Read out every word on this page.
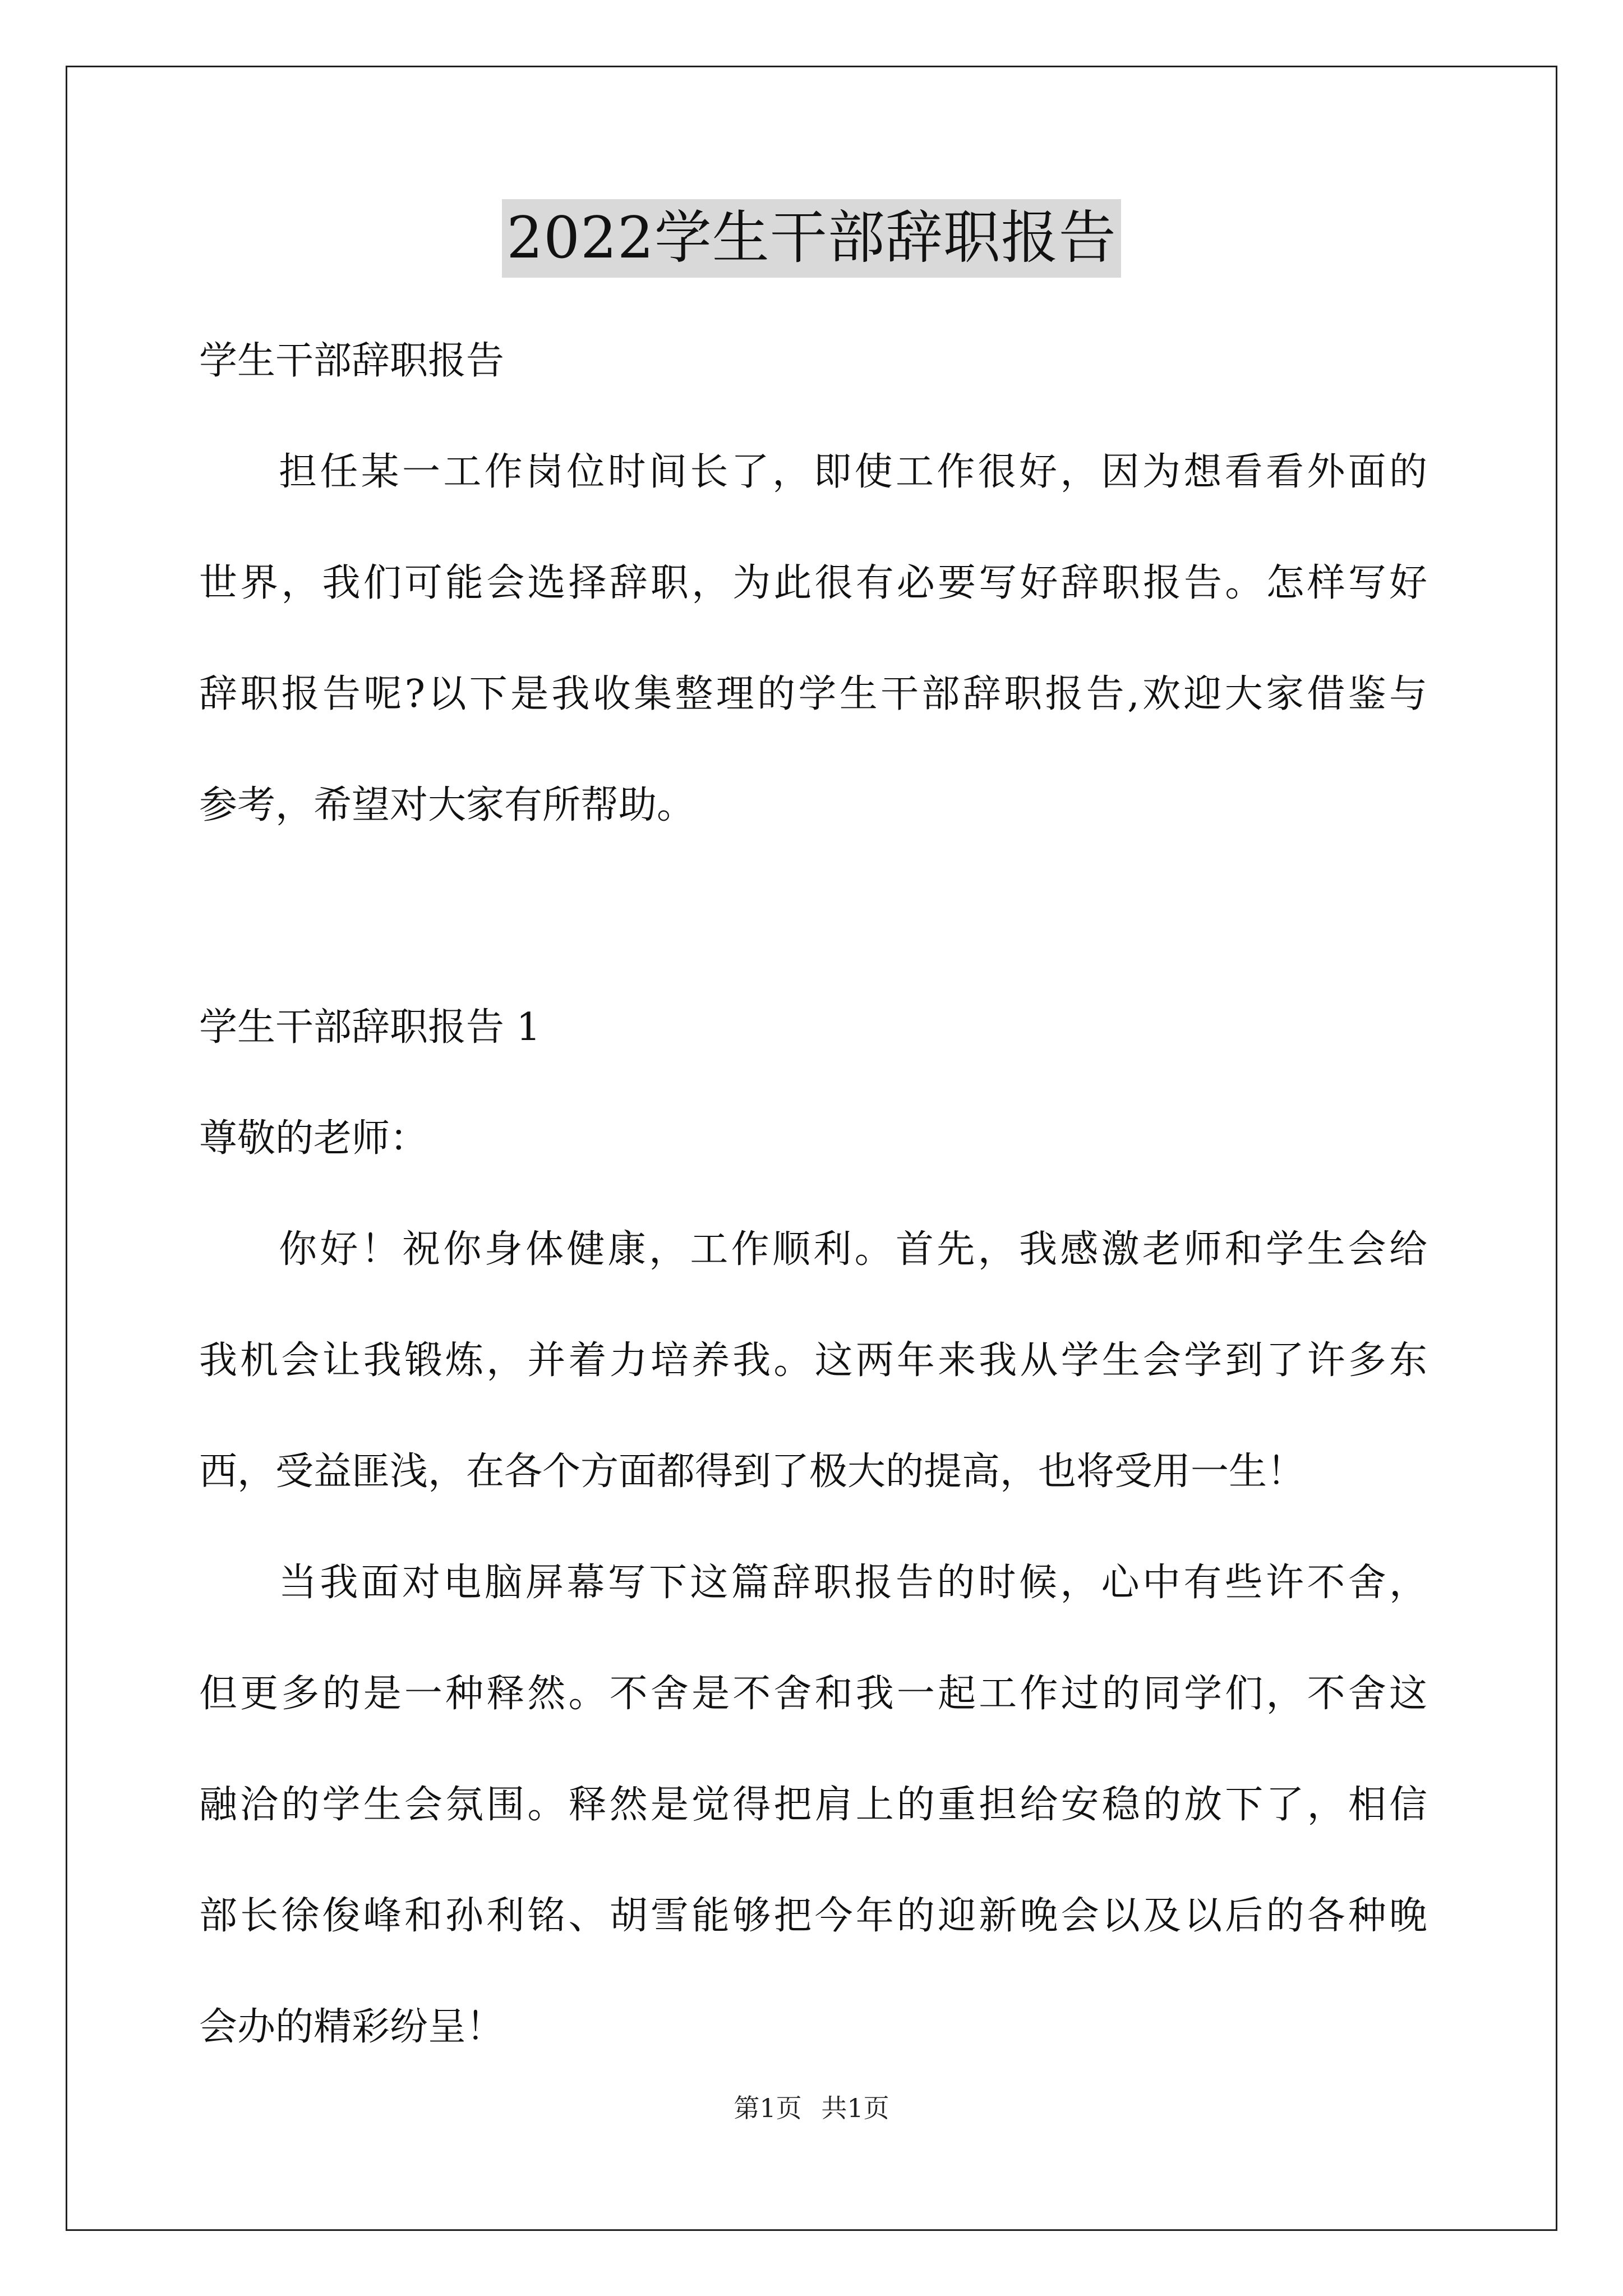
2022学生干部辞职报告
学生干部辞职报告
担任某一工作岗位时间长了，即使工作很好，因为想看看外面的
世界，我们可能会选择辞职，为此很有必要写好辞职报告。怎样写好
辞职报告呢?以下是我收集整理的学生干部辞职报告,欢迎大家借鉴与
参考，希望对大家有所帮助。
学生干部辞职报告 1
尊敬的老师：
你好！祝你身体健康，工作顺利。首先，我感激老师和学生会给
我机会让我锻炼，并着力培养我。这两年来我从学生会学到了许多东
西，受益匪浅，在各个方面都得到了极大的提高，也将受用一生！
当我面对电脑屏幕写下这篇辞职报告的时候，心中有些许不舍，
但更多的是一种释然。不舍是不舍和我一起工作过的同学们，不舍这
融洽的学生会氛围。释然是觉得把肩上的重担给安稳的放下了，相信
部长徐俊峰和孙利铭、胡雪能够把今年的迎新晚会以及以后的各种晚
会办的精彩纷呈！
第1页 共1页
